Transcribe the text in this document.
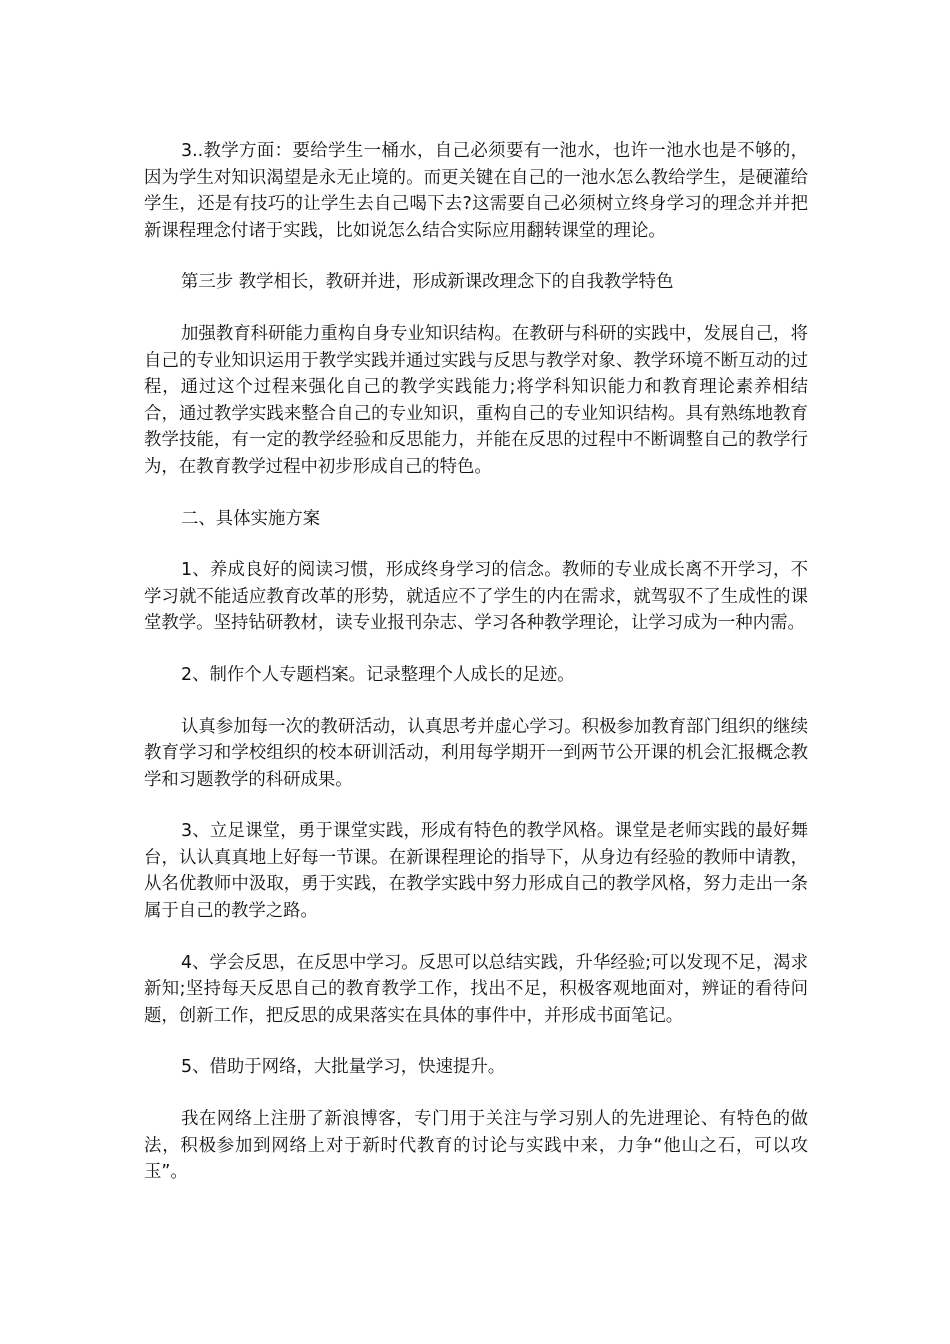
3..教学方面：要给学生一桶水，自己必须要有一池水，也许一池水也是不够的，因为学生对知识渴望是永无止境的。而更关键在自己的一池水怎么教给学生，是硬灌给学生，还是有技巧的让学生去自己喝下去?这需要自己必须树立终身学习的理念并并把新课程理念付诸于实践，比如说怎么结合实际应用翻转课堂的理论。

第三步 教学相长，教研并进，形成新课改理念下的自我教学特色

加强教育科研能力重构自身专业知识结构。在教研与科研的实践中，发展自己，将自己的专业知识运用于教学实践并通过实践与反思与教学对象、教学环境不断互动的过程，通过这个过程来强化自己的教学实践能力;将学科知识能力和教育理论素养相结合，通过教学实践来整合自己的专业知识，重构自己的专业知识结构。具有熟练地教育教学技能，有一定的教学经验和反思能力，并能在反思的过程中不断调整自己的教学行为，在教育教学过程中初步形成自己的特色。

二、具体实施方案

1、养成良好的阅读习惯，形成终身学习的信念。教师的专业成长离不开学习，不学习就不能适应教育改革的形势，就适应不了学生的内在需求，就驾驭不了生成性的课堂教学。坚持钻研教材，读专业报刊杂志、学习各种教学理论，让学习成为一种内需。

2、制作个人专题档案。记录整理个人成长的足迹。

认真参加每一次的教研活动，认真思考并虚心学习。积极参加教育部门组织的继续教育学习和学校组织的校本研训活动，利用每学期开一到两节公开课的机会汇报概念教学和习题教学的科研成果。

3、立足课堂，勇于课堂实践，形成有特色的教学风格。课堂是老师实践的最好舞台，认认真真地上好每一节课。在新课程理论的指导下，从身边有经验的教师中请教，从名优教师中汲取，勇于实践，在教学实践中努力形成自己的教学风格，努力走出一条属于自己的教学之路。

4、学会反思，在反思中学习。反思可以总结实践，升华经验;可以发现不足，渴求新知;坚持每天反思自己的教育教学工作，找出不足，积极客观地面对，辨证的看待问题，创新工作，把反思的成果落实在具体的事件中，并形成书面笔记。

5、借助于网络，大批量学习，快速提升。

我在网络上注册了新浪博客，专门用于关注与学习别人的先进理论、有特色的做法，积极参加到网络上对于新时代教育的讨论与实践中来，力争“他山之石，可以攻玉”。
